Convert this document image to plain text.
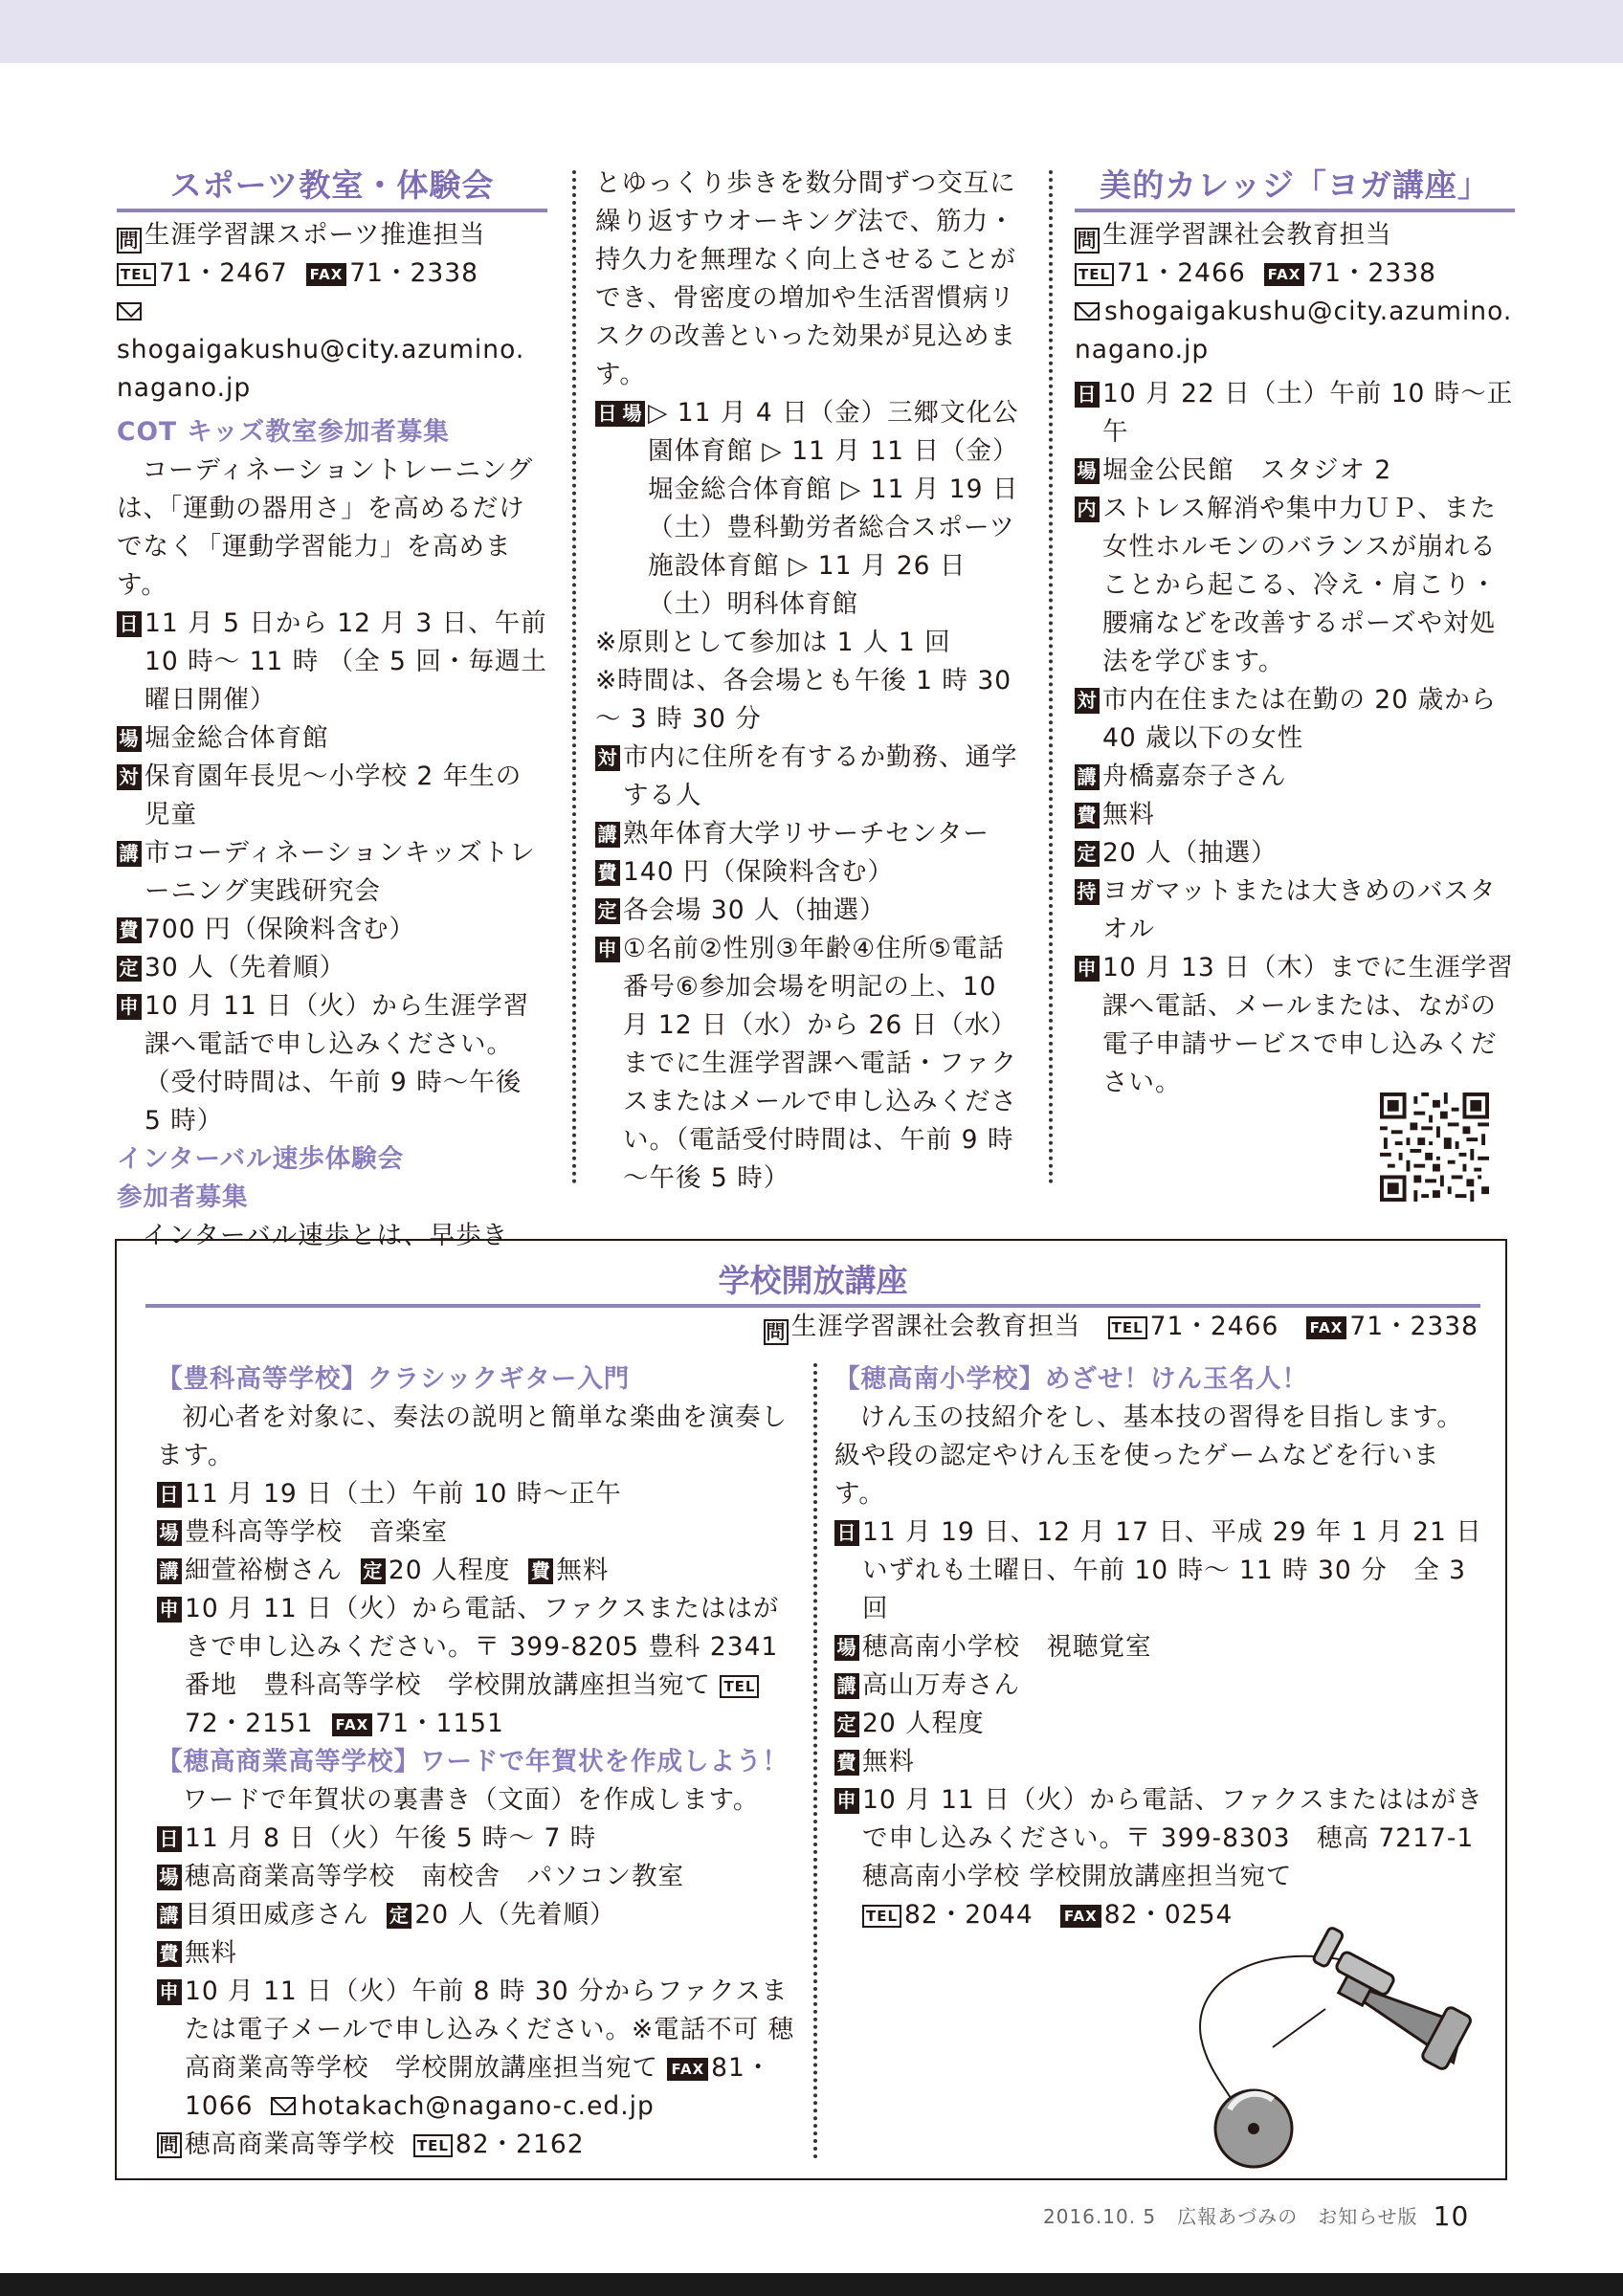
スポーツ教室・体験会
問 生涯学習課スポーツ推進担当
TEL 71・2467 FAX 71・2338
shogaigakushu@city.azumino.
nagano.jp
COT キッズ教室参加者募集
コーディネーショントレーニングは、「運動の器用さ」を高めるだけでなく「運動学習能力」を高めます。
日 11 月 5 日から 12 月 3 日、午前 10 時～ 11 時 （全 5 回・毎週土曜日開催）
場 堀金総合体育館
対 保育園年長児～小学校 2 年生の児童
講 市コーディネーションキッズトレーニング実践研究会
費 700 円（保険料含む）
定 30 人（先着順）
申 10 月 11 日（火）から生涯学習課へ電話で申し込みください。（受付時間は、午前 9 時～午後 5 時）
インターバル速歩体験会
参加者募集
インターバル速歩とは、早歩き
とゆっくり歩きを数分間ずつ交互に繰り返すウオーキング法で、筋力・持久力を無理なく向上させることができ、骨密度の増加や生活習慣病リスクの改善といった効果が見込めます。
日 場 ▷ 11 月 4 日（金）三郷文化公園体育館 ▷ 11 月 11 日（金）堀金総合体育館 ▷ 11 月 19 日（土）豊科勤労者総合スポーツ施設体育館 ▷ 11 月 26 日（土）明科体育館
※原則として参加は 1 人 1 回
※時間は、各会場とも午後 1 時 30 ～ 3 時 30 分
対 市内に住所を有するか勤務、通学する人
講 熟年体育大学リサーチセンター
費 140 円（保険料含む）
定 各会場 30 人（抽選）
申 ①名前②性別③年齢④住所⑤電話番号⑥参加会場を明記の上、10 月 12 日（水）から 26 日（水）までに生涯学習課へ電話・ファクスまたはメールで申し込みください。（電話受付時間は、午前 9 時～午後 5 時）
美的カレッジ「ヨガ講座」
問 生涯学習課社会教育担当
TEL 71・2466 FAX 71・2338
shogaigakushu@city.azumino.
nagano.jp
日 10 月 22 日（土）午前 10 時～正午
場 堀金公民館　スタジオ 2
内 ストレス解消や集中力ＵＰ、また女性ホルモンのバランスが崩れることから起こる、冷え・肩こり・腰痛などを改善するポーズや対処法を学びます。
対 市内在住または在勤の 20 歳から 40 歳以下の女性
講 舟橋嘉奈子さん
費 無料
定 20 人（抽選）
持 ヨガマットまたは大きめのバスタオル
申 10 月 13 日（木）までに生涯学習課へ電話、メールまたは、ながの電子申請サービスで申し込みください。
学校開放講座
問 生涯学習課社会教育担当 TEL 71・2466 FAX 71・2338
【豊科高等学校】クラシックギター入門
初心者を対象に、奏法の説明と簡単な楽曲を演奏します。
日 11 月 19 日（土）午前 10 時～正午
場 豊科高等学校　音楽室
講 細萱裕樹さん
定 20 人程度
費 無料
申 10 月 11 日（火）から電話、ファクスまたははがきで申し込みください。〒 399-8205 豊科 2341 番地　豊科高等学校　学校開放講座担当宛て TEL72・2151 FAX 71・1151
【穂高商業高等学校】ワードで年賀状を作成しよう！
ワードで年賀状の裏書き（文面）を作成します。
日 11 月 8 日（火）午後 5 時～ 7 時
場 穂高商業高等学校　南校舎　パソコン教室
講 目須田威彦さん
定 20 人（先着順）
費 無料
申 10 月 11 日（火）午前 8 時 30 分からファクスまたは電子メールで申し込みください。※電話不可 穂高商業高等学校　学校開放講座担当宛て FAX 81・1066 hotakach@nagano-c.ed.jp
問 穂高商業高等学校 TEL 82・2162
【穂高南小学校】めざせ！けん玉名人！
けん玉の技紹介をし、基本技の習得を目指します。級や段の認定やけん玉を使ったゲームなどを行います。
日 11 月 19 日、12 月 17 日、平成 29 年 1 月 21 日いずれも土曜日、午前 10 時～ 11 時 30 分　全 3 回
場 穂高南小学校　視聴覚室
講 高山万寿さん
定 20 人程度
費 無料
申 10 月 11 日（火）から電話、ファクスまたははがきで申し込みください。〒 399-8303　穂高 7217-1 穂高南小学校 学校開放講座担当宛て
TEL 82・2044 FAX 82・0254
2016.10. 5 広報あづみの　お知らせ版 10
